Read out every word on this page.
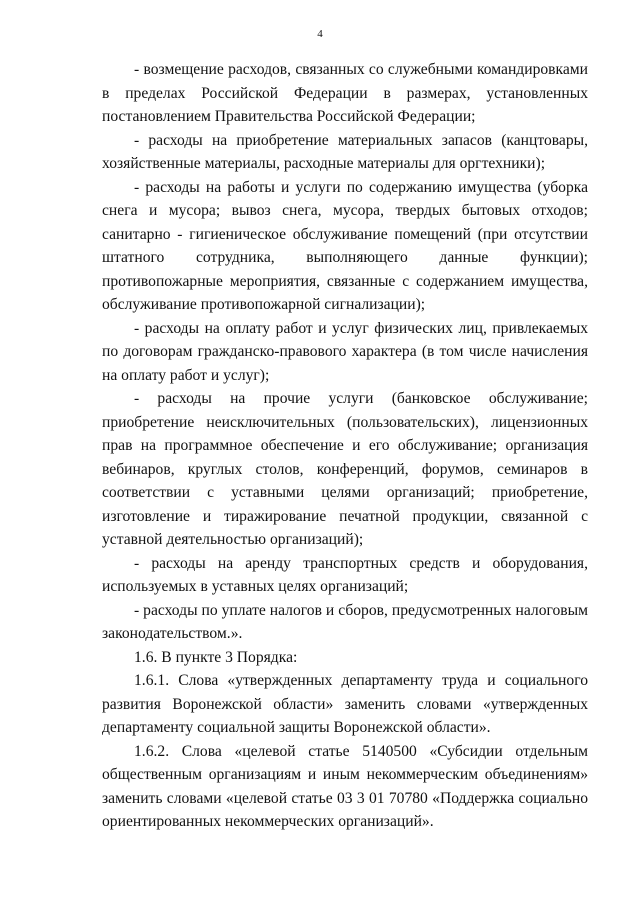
4

- возмещение расходов, связанных со служебными командировками в пределах Российской Федерации в размерах, установленных постановлением Правительства Российской Федерации;

- расходы на приобретение материальных запасов (канцтовары, хозяйственные материалы, расходные материалы для оргтехники);

- расходы на работы и услуги по содержанию имущества (уборка снега и мусора; вывоз снега, мусора, твердых бытовых отходов; санитарно - гигиеническое обслуживание помещений (при отсутствии штатного сотрудника, выполняющего данные функции); противопожарные мероприятия, связанные с содержанием имущества, обслуживание противопожарной сигнализации);

- расходы на оплату работ и услуг физических лиц, привлекаемых по договорам гражданско-правового характера (в том числе начисления на оплату работ и услуг);

- расходы на прочие услуги (банковское обслуживание; приобретение неисключительных (пользовательских), лицензионных прав на программное обеспечение и его обслуживание; организация вебинаров, круглых столов, конференций, форумов, семинаров в соответствии с уставными целями организаций; приобретение, изготовление и тиражирование печатной продукции, связанной с уставной деятельностью организаций);

- расходы на аренду транспортных средств и оборудования, используемых в уставных целях организаций;

- расходы по уплате налогов и сборов, предусмотренных налоговым законодательством.».

1.6. В пункте 3 Порядка:

1.6.1. Слова «утвержденных департаменту труда и социального развития Воронежской области» заменить словами «утвержденных департаменту социальной защиты Воронежской области».

1.6.2. Слова «целевой статье 5140500 «Субсидии отдельным общественным организациям и иным некоммерческим объединениям» заменить словами «целевой статье 03 3 01 70780 «Поддержка социально ориентированных некоммерческих организаций».
